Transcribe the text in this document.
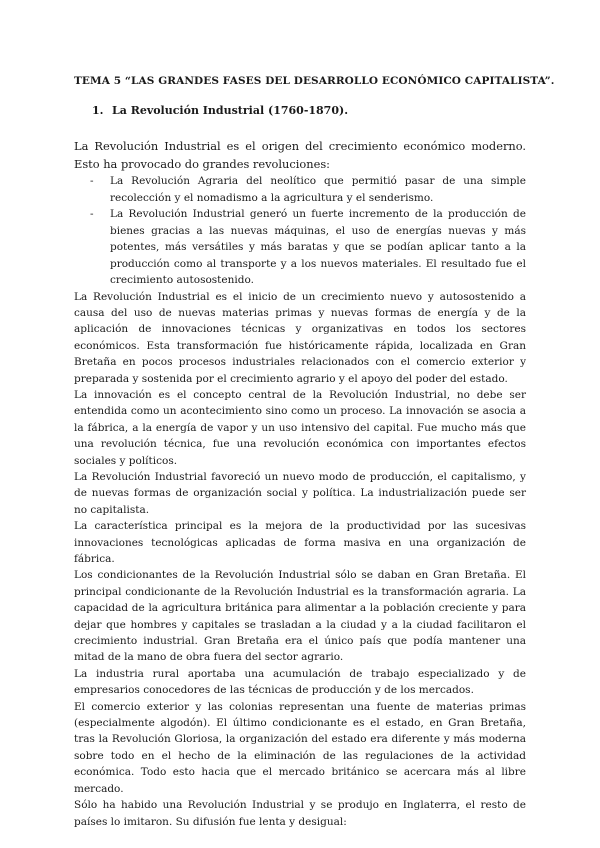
TEMA 5 “LAS GRANDES FASES DEL DESARROLLO ECONÓMICO CAPITALISTA”.
1. La Revolución Industrial (1760-1870).

La Revolución Industrial es el origen del crecimiento económico moderno. Esto ha provocado do grandes revoluciones:

- La Revolución Agraria del neolítico que permitió pasar de una simple recolección y el nomadismo a la agricultura y el senderismo.
- La Revolución Industrial generó un fuerte incremento de la producción de bienes gracias a las nuevas máquinas, el uso de energías nuevas y más potentes, más versátiles y más baratas y que se podían aplicar tanto a la producción como al transporte y a los nuevos materiales. El resultado fue el crecimiento autosostenido.

La Revolución Industrial es el inicio de un crecimiento nuevo y autosostenido a causa del uso de nuevas materias primas y nuevas formas de energía y de la aplicación de innovaciones técnicas y organizativas en todos los sectores económicos. Esta transformación fue históricamente rápida, localizada en Gran Bretaña en pocos procesos industriales relacionados con el comercio exterior y preparada y sostenida por el crecimiento agrario y el apoyo del poder del estado.

La innovación es el concepto central de la Revolución Industrial, no debe ser entendida como un acontecimiento sino como un proceso. La innovación se asocia a la fábrica, a la energía de vapor y un uso intensivo del capital. Fue mucho más que una revolución técnica, fue una revolución económica con importantes efectos sociales y políticos.

La Revolución Industrial favoreció un nuevo modo de producción, el capitalismo, y de nuevas formas de organización social y política. La industrialización puede ser no capitalista.

La característica principal es la mejora de la productividad por las sucesivas innovaciones tecnológicas aplicadas de forma masiva en una organización de fábrica.

Los condicionantes de la Revolución Industrial sólo se daban en Gran Bretaña. El principal condicionante de la Revolución Industrial es la transformación agraria. La capacidad de la agricultura británica para alimentar a la población creciente y para dejar que hombres y capitales se trasladan a la ciudad y a la ciudad facilitaron el crecimiento industrial. Gran Bretaña era el único país que podía mantener una mitad de la mano de obra fuera del sector agrario.

La industria rural aportaba una acumulación de trabajo especializado y de empresarios conocedores de las técnicas de producción y de los mercados.

El comercio exterior y las colonias representan una fuente de materias primas (especialmente algodón). El último condicionante es el estado, en Gran Bretaña, tras la Revolución Gloriosa, la organización del estado era diferente y más moderna sobre todo en el hecho de la eliminación de las regulaciones de la actividad económica. Todo esto hacia que el mercado británico se acercara más al libre mercado.

Sólo ha habido una Revolución Industrial y se produjo en Inglaterra, el resto de países lo imitaron. Su difusión fue lenta y desigual:
